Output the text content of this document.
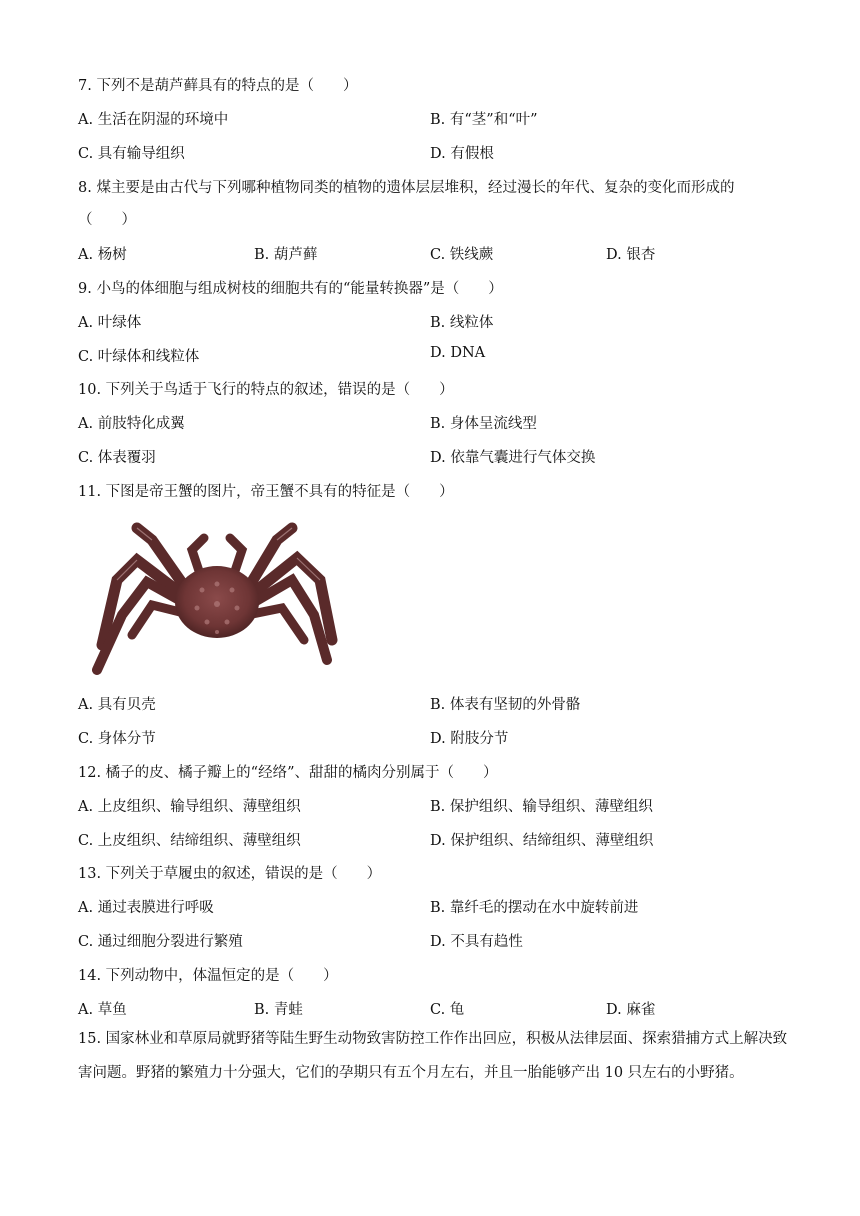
7. 下列不是葫芦藓具有的特点的是（　　）
A. 生活在阴湿的环境中	B. 有“茎”和“叶”
C. 具有输导组织	D. 有假根
8. 煤主要是由古代与下列哪种植物同类的植物的遗体层层堆积，经过漫长的年代、复杂的变化而形成的
（　　）
A. 杨树	B. 葫芦藓	C. 铁线蕨	D. 银杏
9. 小鸟的体细胞与组成树枝的细胞共有的“能量转换器”是（　　）
A. 叶绿体	B. 线粒体
C. 叶绿体和线粒体	D. DNA
10. 下列关于鸟适于飞行的特点的叙述，错误的是（　　）
A. 前肢特化成翼	B. 身体呈流线型
C. 体表覆羽	D. 依靠气囊进行气体交换
11. 下图是帝王蟹的图片，帝王蟹不具有的特征是（　　）
A. 具有贝壳	B. 体表有坚韧的外骨骼
C. 身体分节	D. 附肢分节
12. 橘子的皮、橘子瓣上的“经络”、甜甜的橘肉分别属于（　　）
A. 上皮组织、输导组织、薄壁组织	B. 保护组织、输导组织、薄壁组织
C. 上皮组织、结缔组织、薄壁组织	D. 保护组织、结缔组织、薄壁组织
13. 下列关于草履虫的叙述，错误的是（　　）
A. 通过表膜进行呼吸	B. 靠纤毛的摆动在水中旋转前进
C. 通过细胞分裂进行繁殖	D. 不具有趋性
14. 下列动物中，体温恒定的是（　　）
A. 草鱼	B. 青蛙	C. 龟	D. 麻雀
15. 国家林业和草原局就野猪等陆生野生动物致害防控工作作出回应，积极从法律层面、探索猎捕方式上解决致害问题。野猪的繁殖力十分强大，它们的孕期只有五个月左右，并且一胎能够产出 10 只左右的小野猪。
